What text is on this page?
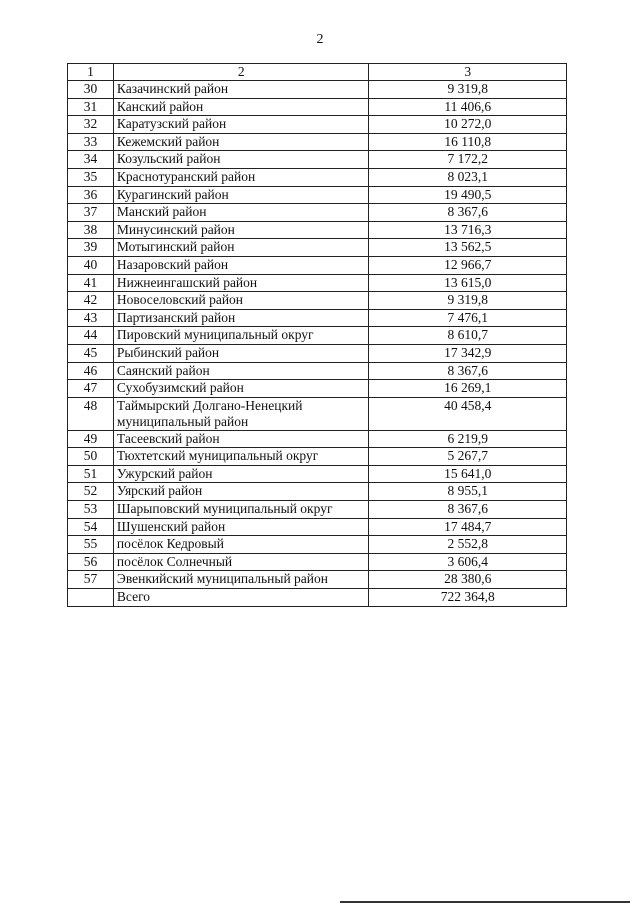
2
1	2	3
30	Казачинский район	9 319,8
31	Канский район	11 406,6
32	Каратузский район	10 272,0
33	Кежемский район	16 110,8
34	Козульский район	7 172,2
35	Краснотуранский район	8 023,1
36	Курагинский район	19 490,5
37	Манский район	8 367,6
38	Минусинский район	13 716,3
39	Мотыгинский район	13 562,5
40	Назаровский район	12 966,7
41	Нижнеингашский район	13 615,0
42	Новоселовский район	9 319,8
43	Партизанский район	7 476,1
44	Пировский муниципальный округ	8 610,7
45	Рыбинский район	17 342,9
46	Саянский район	8 367,6
47	Сухобузимский район	16 269,1
48	Таймырский Долгано-Ненецкий муниципальный район	40 458,4
49	Тасеевский район	6 219,9
50	Тюхтетский муниципальный округ	5 267,7
51	Ужурский район	15 641,0
52	Уярский район	8 955,1
53	Шарыповский муниципальный округ	8 367,6
54	Шушенский район	17 484,7
55	посёлок Кедровый	2 552,8
56	посёлок Солнечный	3 606,4
57	Эвенкийский муниципальный район	28 380,6
	Всего	722 364,8
